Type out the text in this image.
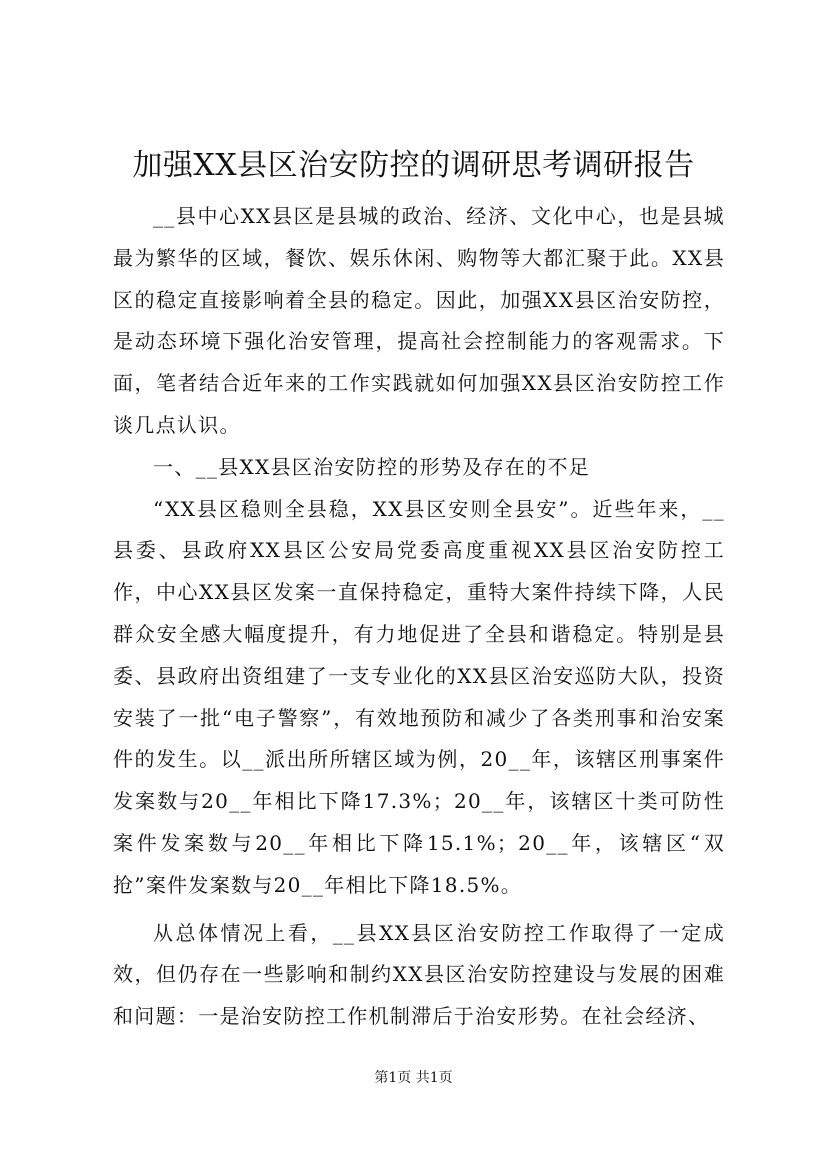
加强XX县区治安防控的调研思考调研报告

__县中心XX县区是县城的政治、经济、文化中心，也是县城最为繁华的区域，餐饮、娱乐休闲、购物等大都汇聚于此。XX县区的稳定直接影响着全县的稳定。因此，加强XX县区治安防控，是动态环境下强化治安管理，提高社会控制能力的客观需求。下面，笔者结合近年来的工作实践就如何加强XX县区治安防控工作谈几点认识。

一、__县XX县区治安防控的形势及存在的不足

“XX县区稳则全县稳，XX县区安则全县安”。近些年来，__县委、县政府XX县区公安局党委高度重视XX县区治安防控工作，中心XX县区发案一直保持稳定，重特大案件持续下降，人民群众安全感大幅度提升，有力地促进了全县和谐稳定。特别是县委、县政府出资组建了一支专业化的XX县区治安巡防大队，投资安装了一批“电子警察”，有效地预防和减少了各类刑事和治安案件的发生。以__派出所所辖区域为例，20__年，该辖区刑事案件发案数与20__年相比下降17.3%；20__年，该辖区十类可防性案件发案数与20__年相比下降15.1%；20__年，该辖区“双抢”案件发案数与20__年相比下降18.5%。

从总体情况上看，__县XX县区治安防控工作取得了一定成效，但仍存在一些影响和制约XX县区治安防控建设与发展的困难和问题：一是治安防控工作机制滞后于治安形势。在社会经济、

第1页 共1页
